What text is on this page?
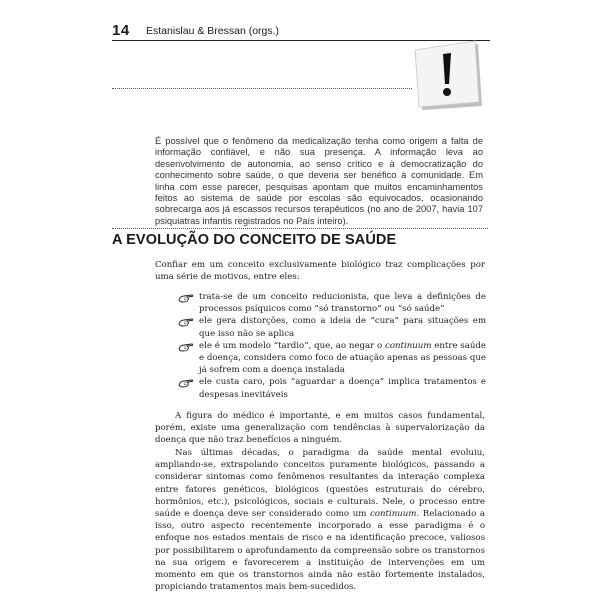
14 Estanislau & Bressan (orgs.)
É possível que o fenômeno da medicalização tenha como origem a falta de informação confiável, e não sua presença. A informação leva ao desenvolvimento de autonomia, ao senso crítico e à democratização do conhecimento sobre saúde, o que deveria ser benéfico à comunidade. Em linha com esse parecer, pesquisas apontam que muitos encaminhamentos feitos ao sistema de saúde por escolas são equivocados, ocasionando sobrecarga aos já escassos recursos terapêuticos (no ano de 2007, havia 107 psiquiatras infantis registrados no País inteiro).
A EVOLUÇÃO DO CONCEITO DE SAÚDE
Confiar em um conceito exclusivamente biológico traz complicações por uma série de motivos, entre eles:
trata-se de um conceito reducionista, que leva a definições de processos psíquicos como “só transtorno” ou “só saúde”
ele gera distorções, como a ideia de “cura” para situações em que isso não se aplica
ele é um modelo “tardio”, que, ao negar o continuum entre saúde e doença, considera como foco de atuação apenas as pessoas que já sofrem com a doença instalada
ele custa caro, pois “aguardar a doença” implica tratamentos e despesas inevitáveis
A figura do médico é importante, e em muitos casos fundamental, porém, existe uma generalização com tendências à supervalorização da doença que não traz benefícios a ninguém.
Nas últimas décadas, o paradigma da saúde mental evoluiu, ampliando-se, extrapolando conceitos puramente biológicos, passando a considerar sintomas como fenômenos resultantes da interação complexa entre fatores genéticos, biológicos (questões estruturais do cérebro, hormônios, etc.), psicológicos, sociais e culturais. Nele, o processo entre saúde e doença deve ser considerado como um continuum. Relacionado a isso, outro aspecto recentemente incorporado a esse paradigma é o enfoque nos estados mentais de risco e na identificação precoce, valiosos por possibilitarem o aprofundamento da compreensão sobre os transtornos na sua origem e favorecerem a instituição de intervenções em um momento em que os transtornos ainda não estão fortemente instalados, propiciando tratamentos mais bem-sucedidos.
